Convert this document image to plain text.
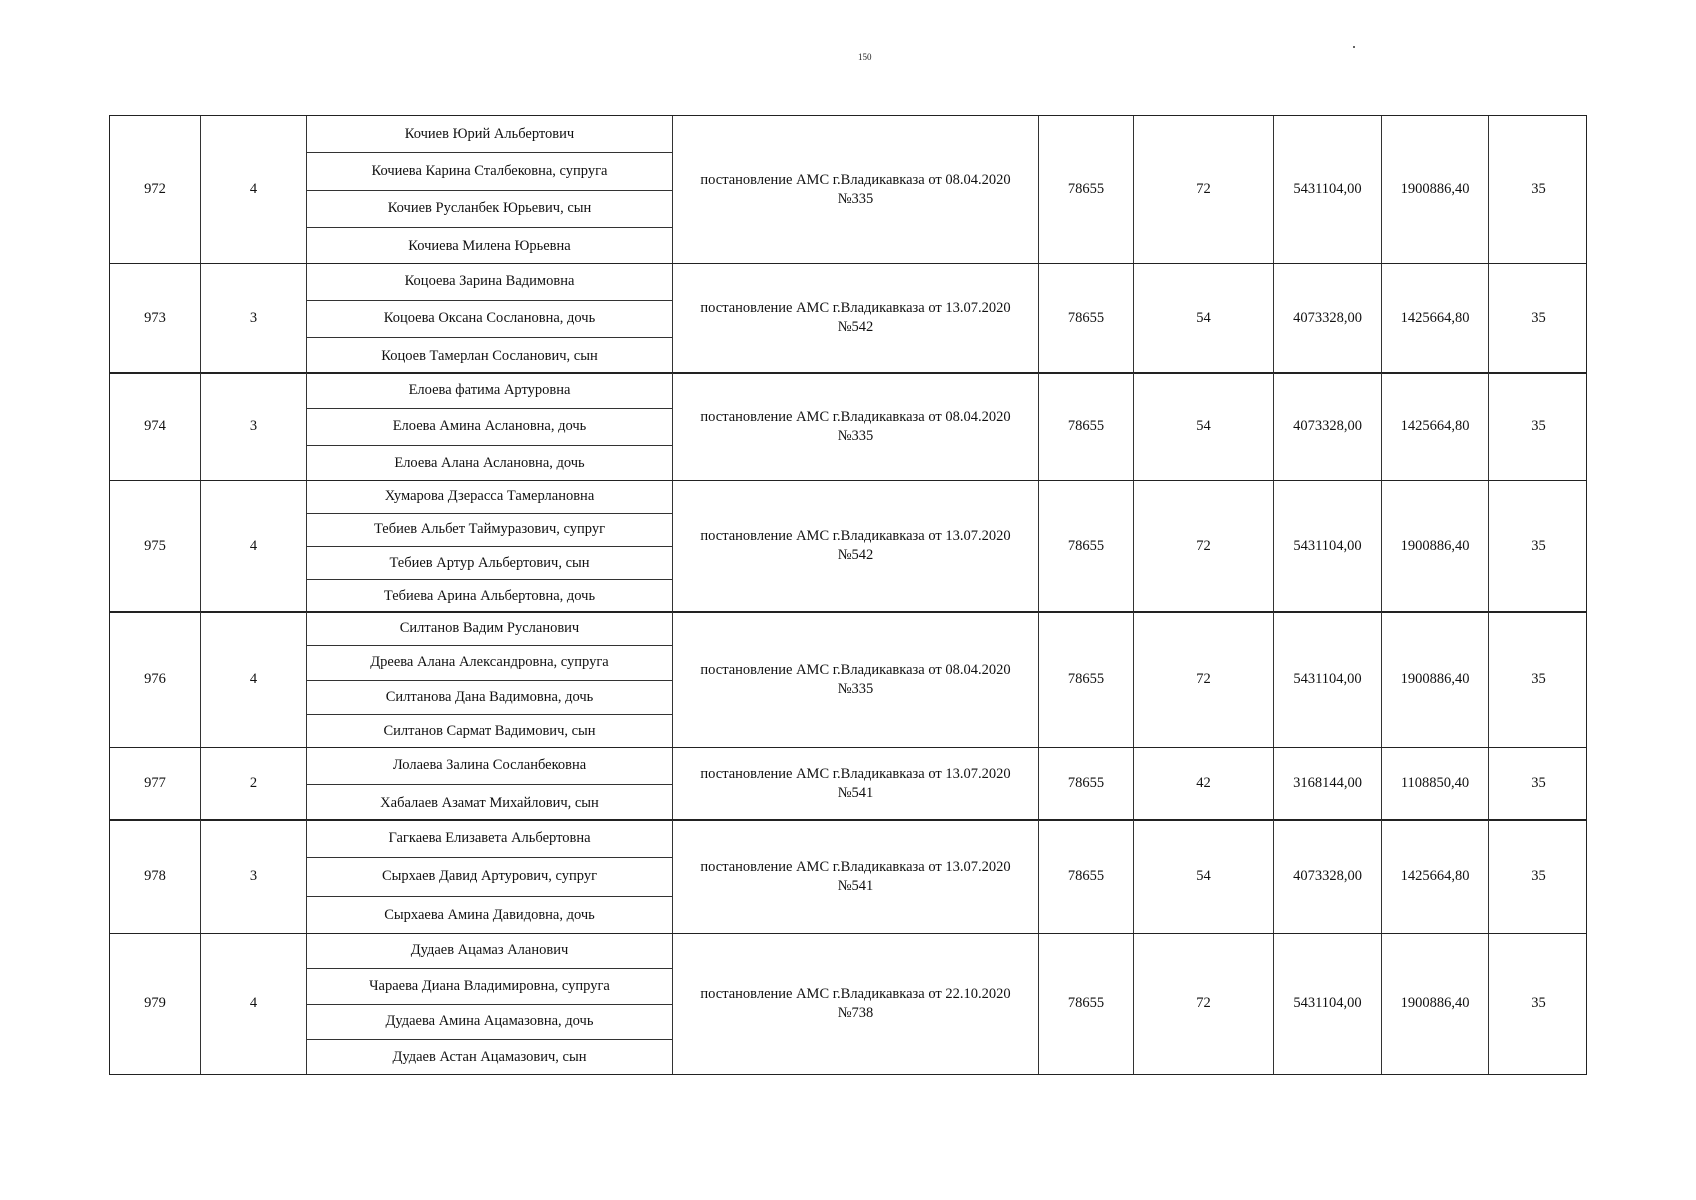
150
972	4
Кочиев Юрий Альбертович
Кочиева Карина Сталбековна, супруга
Кочиев Русланбек Юрьевич, сын
Кочиева Милена Юрьевна
постановление АМС г.Владикавказа от 08.04.2020
№335
78655	72	5431104,00	1900886,40	35
973	3
Коцоева Зарина Вадимовна
Коцоева Оксана Сослановна, дочь
Коцоев Тамерлан Сосланович, сын
постановление АМС г.Владикавказа от 13.07.2020
№542
78655	54	4073328,00	1425664,80	35
974	3
Елоева фатима Артуровна
Елоева Амина Аслановна, дочь
Елоева Алана Аслановна, дочь
постановление АМС г.Владикавказа от 08.04.2020
№335
78655	54	4073328,00	1425664,80	35
975	4
Хумарова Дзерасса Тамерлановна
Тебиев Альбет Таймуразович, супруг
Тебиев Артур Альбертович, сын
Тебиева Арина Альбертовна, дочь
постановление АМС г.Владикавказа от 13.07.2020
№542
78655	72	5431104,00	1900886,40	35
976	4
Силтанов Вадим Русланович
Дреева Алана Александровна, супруга
Силтанова Дана Вадимовна, дочь
Силтанов Сармат Вадимович, сын
постановление АМС г.Владикавказа от 08.04.2020
№335
78655	72	5431104,00	1900886,40	35
977	2
Лолаева Залина Сосланбековна
Хабалаев Азамат Михайлович, сын
постановление АМС г.Владикавказа от 13.07.2020
№541
78655	42	3168144,00	1108850,40	35
978	3
Гагкаева Елизавета Альбертовна
Сырхаев Давид Артурович, супруг
Сырхаева Амина Давидовна, дочь
постановление АМС г.Владикавказа от 13.07.2020
№541
78655	54	4073328,00	1425664,80	35
979	4
Дудаев Ацамаз Аланович
Чараева Диана Владимировна, супруга
Дудаева Амина Ацамазовна, дочь
Дудаев Астан Ацамазович, сын
постановление АМС г.Владикавказа от 22.10.2020
№738
78655	72	5431104,00	1900886,40	35
